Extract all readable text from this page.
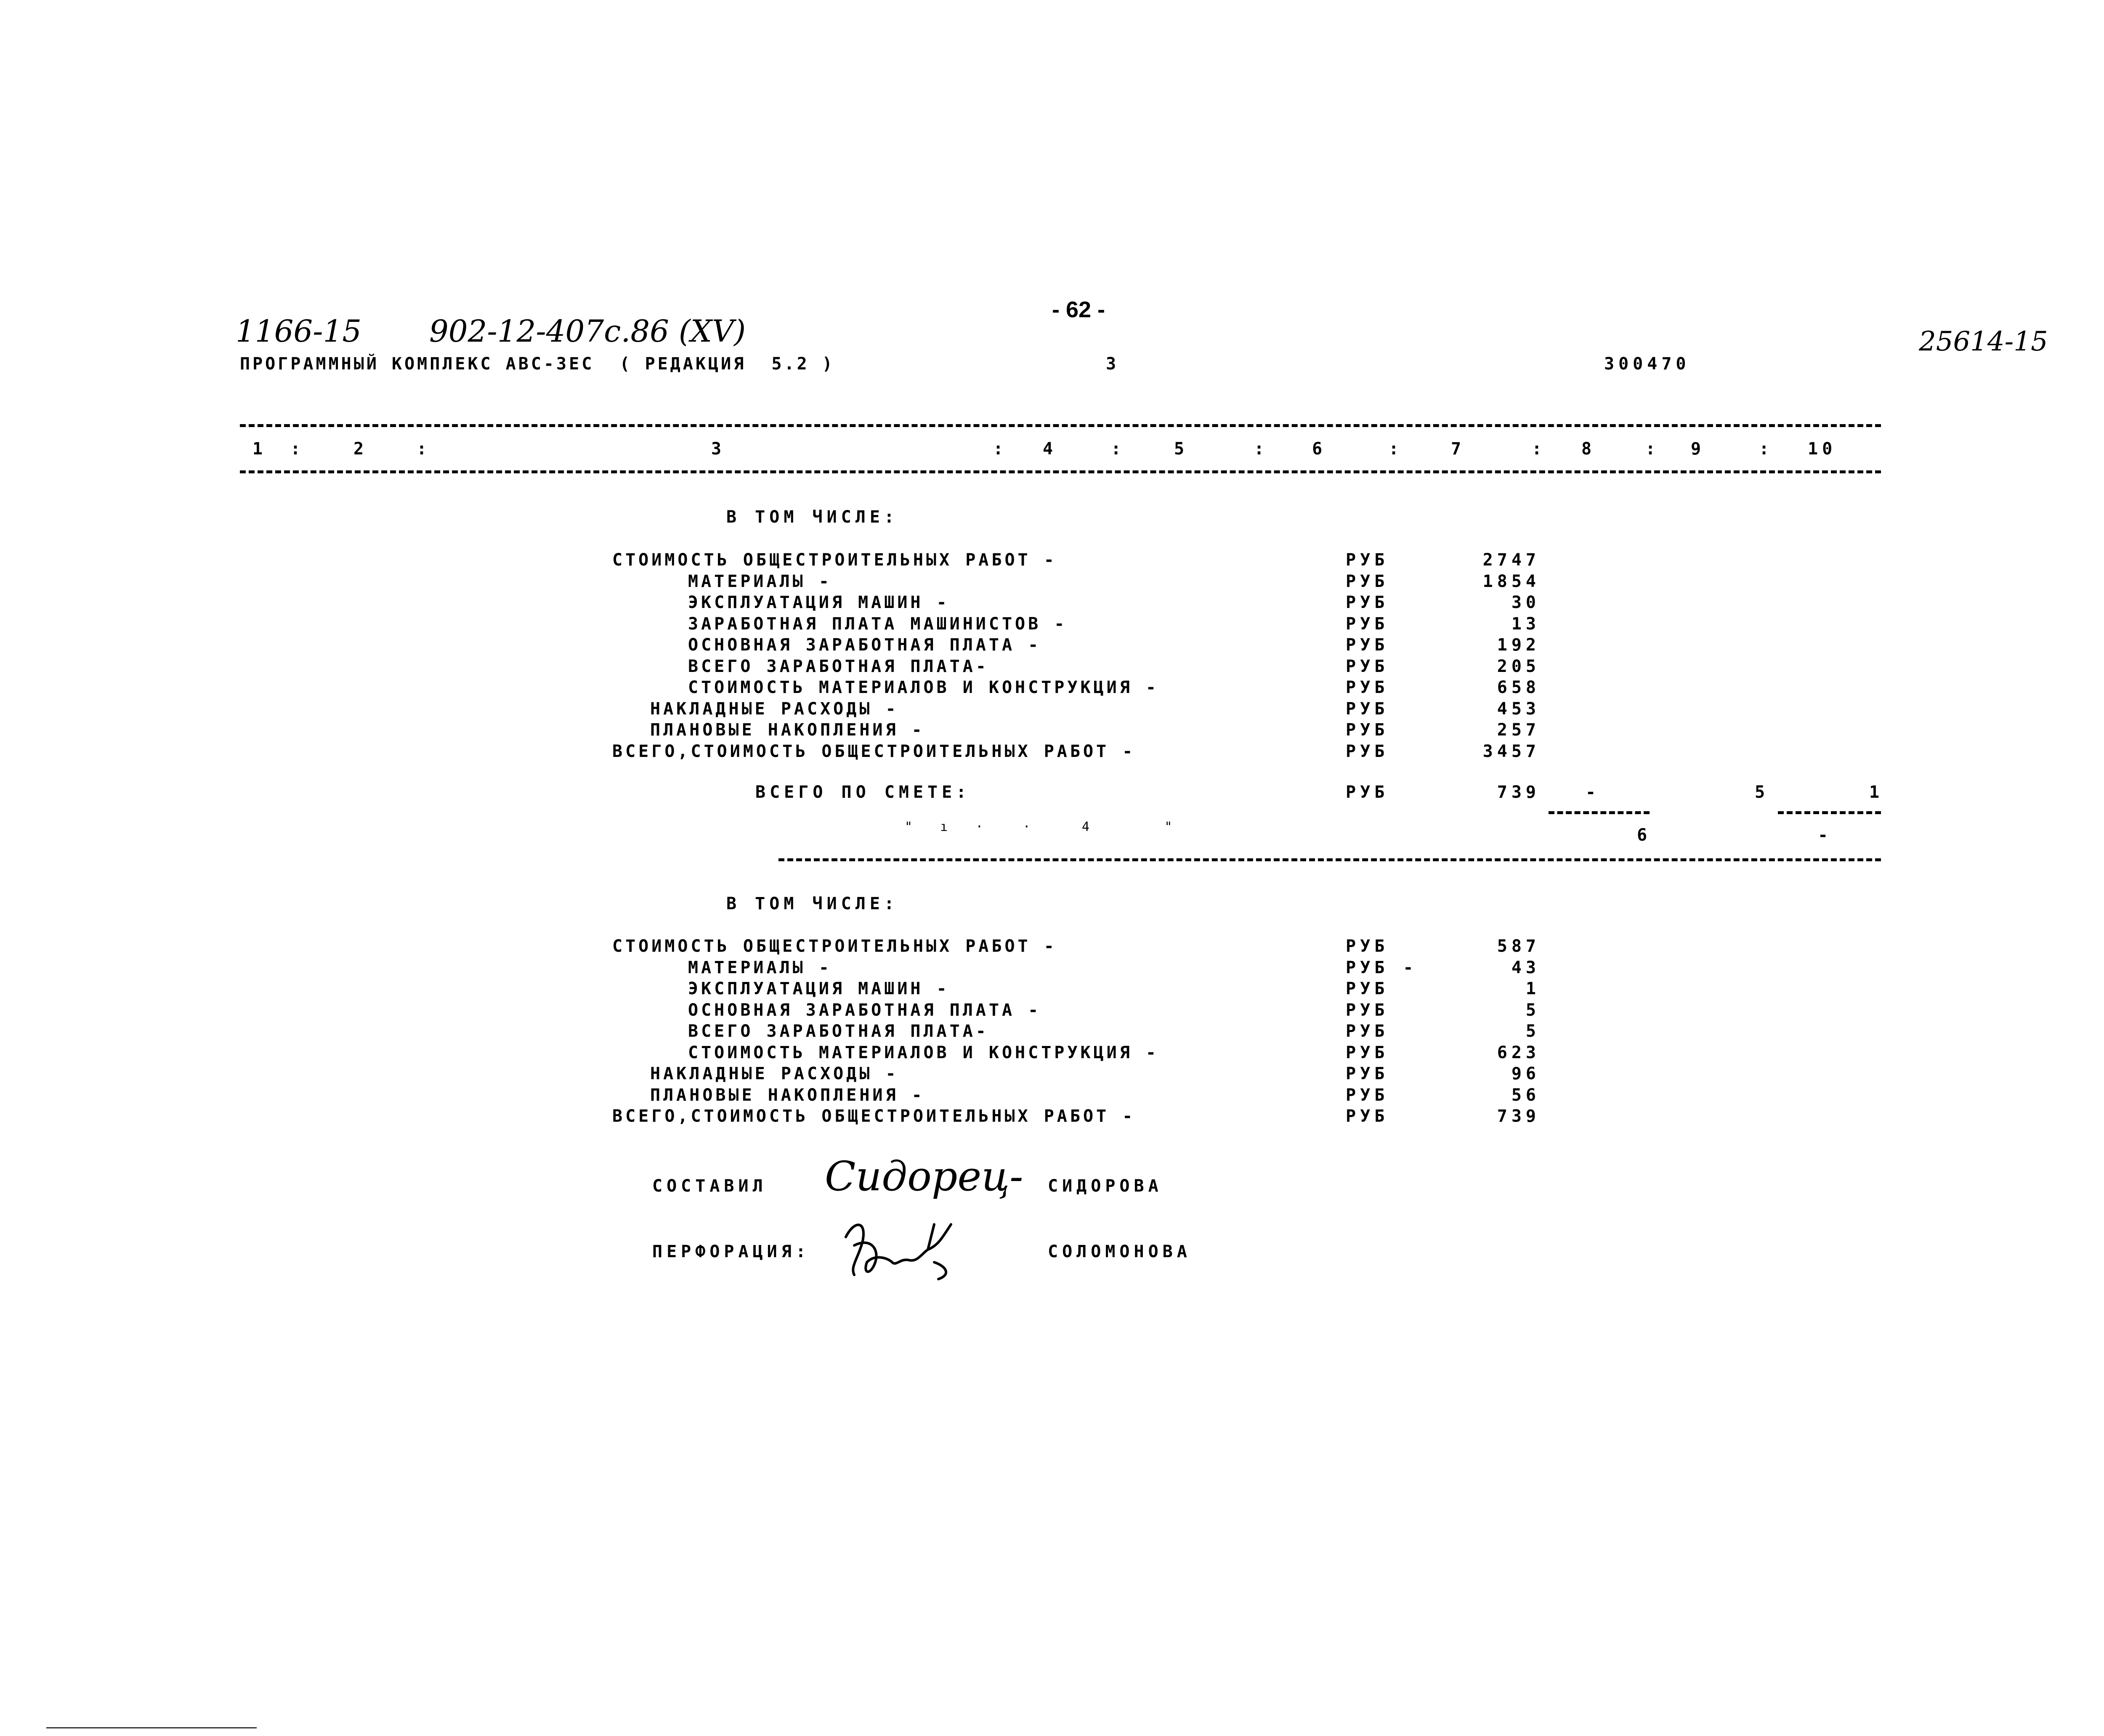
- 62 -
1166-15 902-12-407с.86 (XV)	25614-15
ПРОГРАММНЫЙ КОМПЛЕКС АВС-ЗЕС  ( РЕДАКЦИЯ  5.2 )	3	300470
1 :	2	:	3	: 4	:	5	:	6	:	7	: 8	: 9	: 10
В ТОМ ЧИСЛЕ:
СТОИМОСТЬ ОБЩЕСТРОИТЕЛЬНЫХ РАБОТ -	РУБ	2747
МАТЕРИАЛЫ -	РУБ	1854
ЭКСПЛУАТАЦИЯ МАШИН -	РУБ	30
ЗАРАБОТНАЯ ПЛАТА МАШИНИСТОВ -	РУБ	13
ОСНОВНАЯ ЗАРАБОТНАЯ ПЛАТА -	РУБ	192
ВСЕГО ЗАРАБОТНАЯ ПЛАТА-	РУБ	205
СТОИМОСТЬ МАТЕРИАЛОВ И КОНСТРУКЦИЯ -	РУБ	658
НАКЛАДНЫЕ РАСХОДЫ -	РУБ	453
ПЛАНОВЫЕ НАКОПЛЕНИЯ -	РУБ	257
ВСЕГО,СТОИМОСТЬ ОБЩЕСТРОИТЕЛЬНЫХ РАБОТ -	РУБ	3457
ВСЕГО ПО СМЕТЕ:	РУБ	739	-	5	1
"  ı  ·   ·    4      "	6	-
В ТОМ ЧИСЛЕ:
СТОИМОСТЬ ОБЩЕСТРОИТЕЛЬНЫХ РАБОТ -	РУБ	587
МАТЕРИАЛЫ -	РУБ -	43
ЭКСПЛУАТАЦИЯ МАШИН -	РУБ	1
ОСНОВНАЯ ЗАРАБОТНАЯ ПЛАТА -	РУБ	5
ВСЕГО ЗАРАБОТНАЯ ПЛАТА-	РУБ	5
СТОИМОСТЬ МАТЕРИАЛОВ И КОНСТРУКЦИЯ -	РУБ	623
НАКЛАДНЫЕ РАСХОДЫ -	РУБ	96
ПЛАНОВЫЕ НАКОПЛЕНИЯ -	РУБ	56
ВСЕГО,СТОИМОСТЬ ОБЩЕСТРОИТЕЛЬНЫХ РАБОТ -	РУБ	739
СОСТАВИЛ Сидорец- СИДОРОВА
ПЕРФОРАЦИЯ:	СОЛОМОНОВА
